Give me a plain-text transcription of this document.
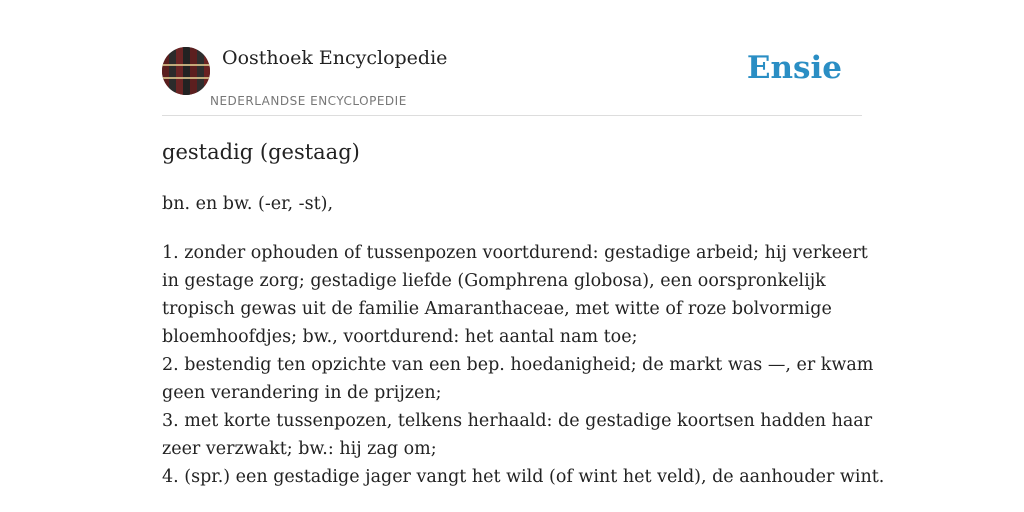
Oosthoek Encyclopedie
NEDERLANDSE ENCYCLOPEDIE
Ensie
gestadig (gestaag)

bn. en bw. (-er, -st),

1. zonder ophouden of tussenpozen voortdurend: gestadige arbeid; hij verkeert
in gestage zorg; gestadige liefde (Gomphrena globosa), een oorspronkelijk
tropisch gewas uit de familie Amaranthaceae, met witte of roze bolvormige
bloemhoofdjes; bw., voortdurend: het aantal nam toe;
2. bestendig ten opzichte van een bep. hoedanigheid; de markt was —, er kwam
geen verandering in de prijzen;
3. met korte tussenpozen, telkens herhaald: de gestadige koortsen hadden haar
zeer verzwakt; bw.: hij zag om;
4. (spr.) een gestadige jager vangt het wild (of wint het veld), de aanhouder wint.
